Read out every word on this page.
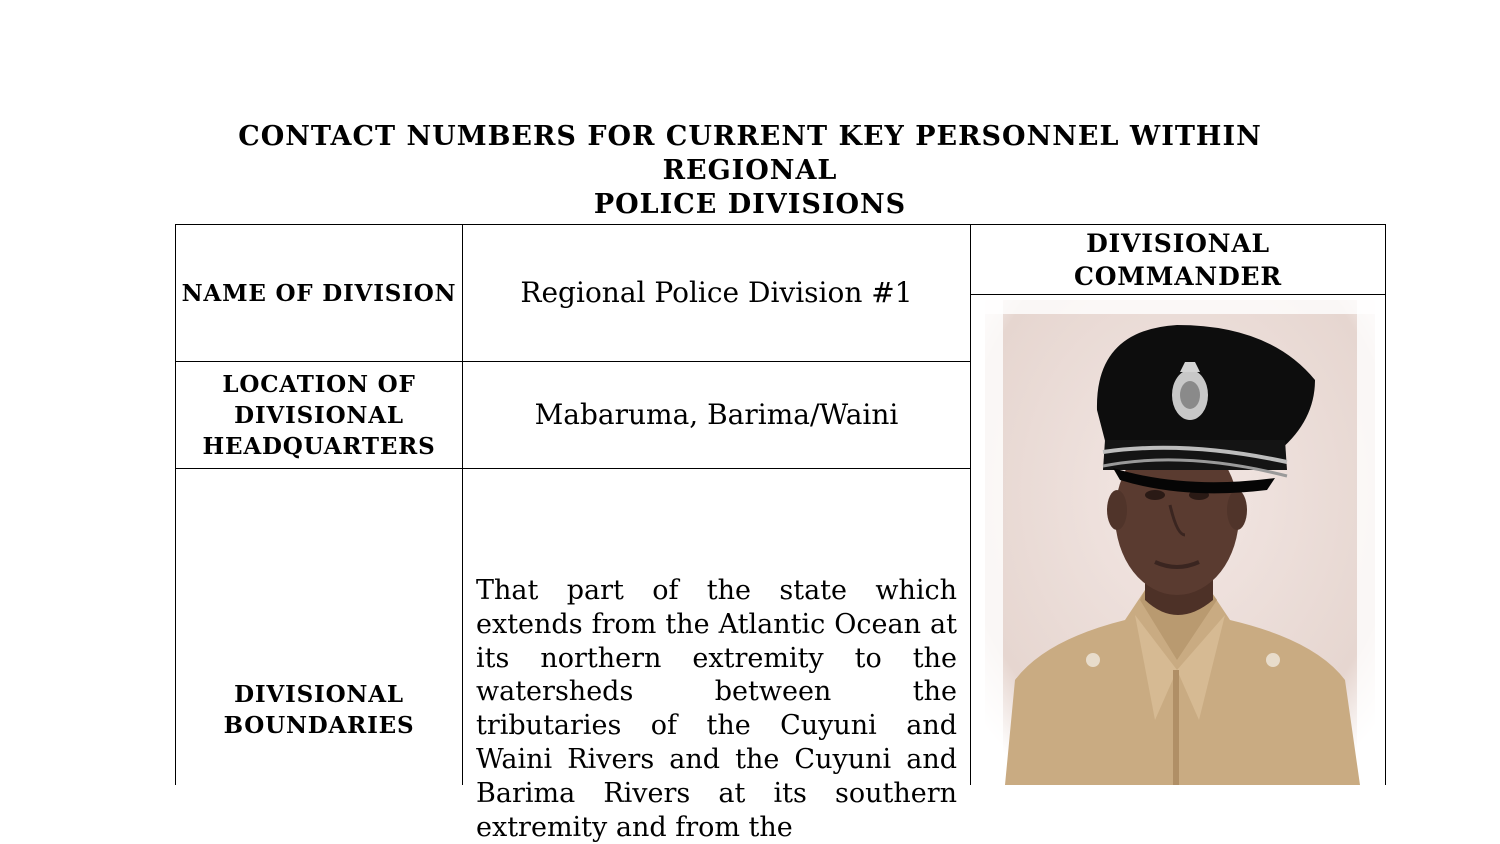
CONTACT NUMBERS FOR CURRENT KEY PERSONNEL WITHIN REGIONAL
POLICE DIVISIONS
NAME OF DIVISION Regional Police Division #1
DIVISIONAL
COMMANDER
LOCATION OF
DIVISIONAL
HEADQUARTERS
Mabaruma, Barima/Waini
DIVISIONAL
BOUNDARIES
That part of the state which extends from the Atlantic Ocean at its northern extremity to the watersheds between the tributaries of the Cuyuni and Waini Rivers and the Cuyuni and Barima Rivers at its southern extremity and from the
